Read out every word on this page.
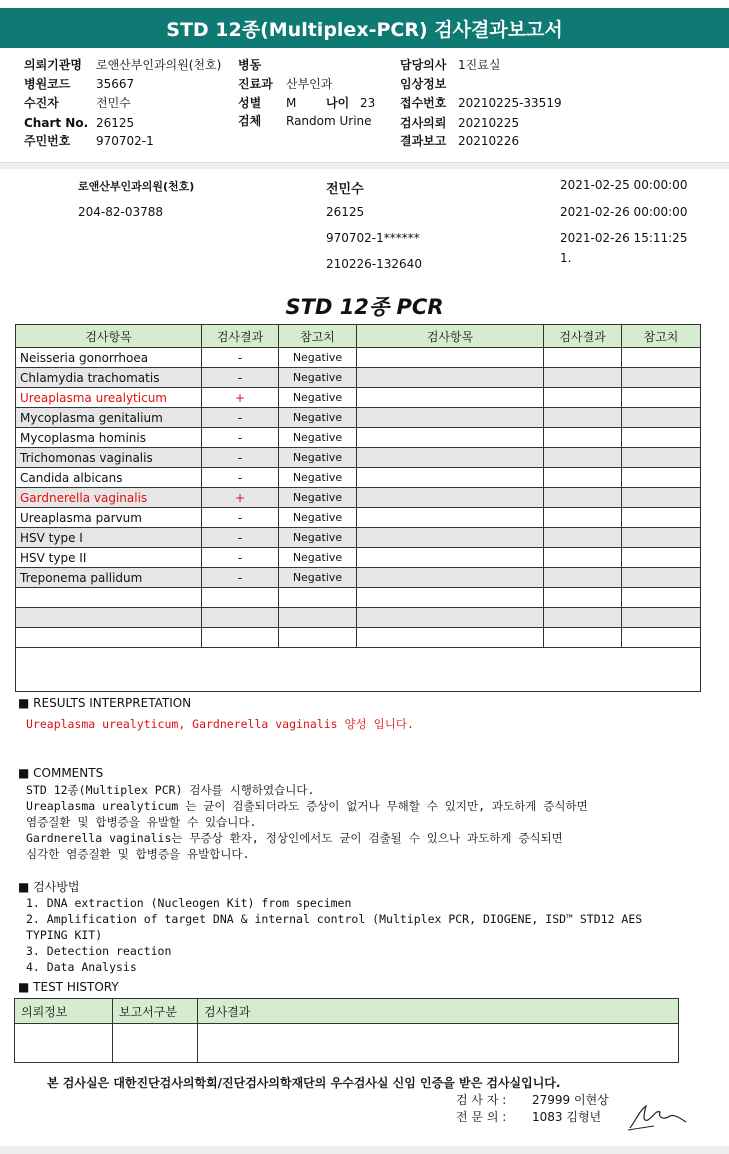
STD 12종(Multiplex-PCR) 검사결과보고서
의뢰기관명 로앤산부인과의원(천호)
병원코드 35667
수진자	전민수
Chart No. 26125
주민번호 970702-1
병동
진료과 산부인과
성별 M 나이 23
검체 Random Urine
담당의사 1진료실
임상정보
접수번호 20210225-33519
검사의뢰 20210225
결과보고 20210226
로앤산부인과의원(천호)
204-82-03788
전민수
26125
970702-1******
210226-132640
2021-02-25 00:00:00
2021-02-26 00:00:00
2021-02-26 15:11:25
1.
STD 12종 PCR
검사항목	검사결과	참고치	검사항목	검사결과	참고치
Neisseria gonorrhoea	-	Negative			
Chlamydia trachomatis	-	Negative			
Ureaplasma urealyticum	+	Negative			
Mycoplasma genitalium	-	Negative			
Mycoplasma hominis	-	Negative			
Trichomonas vaginalis	-	Negative			
Candida albicans	-	Negative			
Gardnerella vaginalis	+	Negative			
Ureaplasma parvum	-	Negative			
HSV type I	-	Negative			
HSV type II	-	Negative			
Treponema pallidum	-	Negative			

■ RESULTS INTERPRETATION
Ureaplasma urealyticum, Gardnerella vaginalis 양성 입니다.
■ COMMENTS
STD 12종(Multiplex PCR) 검사를 시행하였습니다.
Ureaplasma urealyticum 는 균이 검출되더라도 증상이 없거나 무해할 수 있지만, 과도하게 증식하면
염증질환 및 합병증을 유발할 수 있습니다.
Gardnerella vaginalis는 무증상 환자, 정상인에서도 균이 검출될 수 있으나 과도하게 증식되면
심각한 염증질환 및 합병증을 유발합니다.
■ 검사방법
1. DNA extraction (Nucleogen Kit) from specimen
2. Amplification of target DNA & internal control (Multiplex PCR, DIOGENE, ISD™ STD12 AES
TYPING KIT)
3. Detection reaction
4. Data Analysis
■ TEST HISTORY
의뢰정보	보고서구분	검사결과

본 검사실은 대한진단검사의학회/진단검사의학재단의 우수검사실 신임 인증을 받은 검사실입니다.
검 사 자 : 27999 이현상
전 문 의 : 1083 김형년
